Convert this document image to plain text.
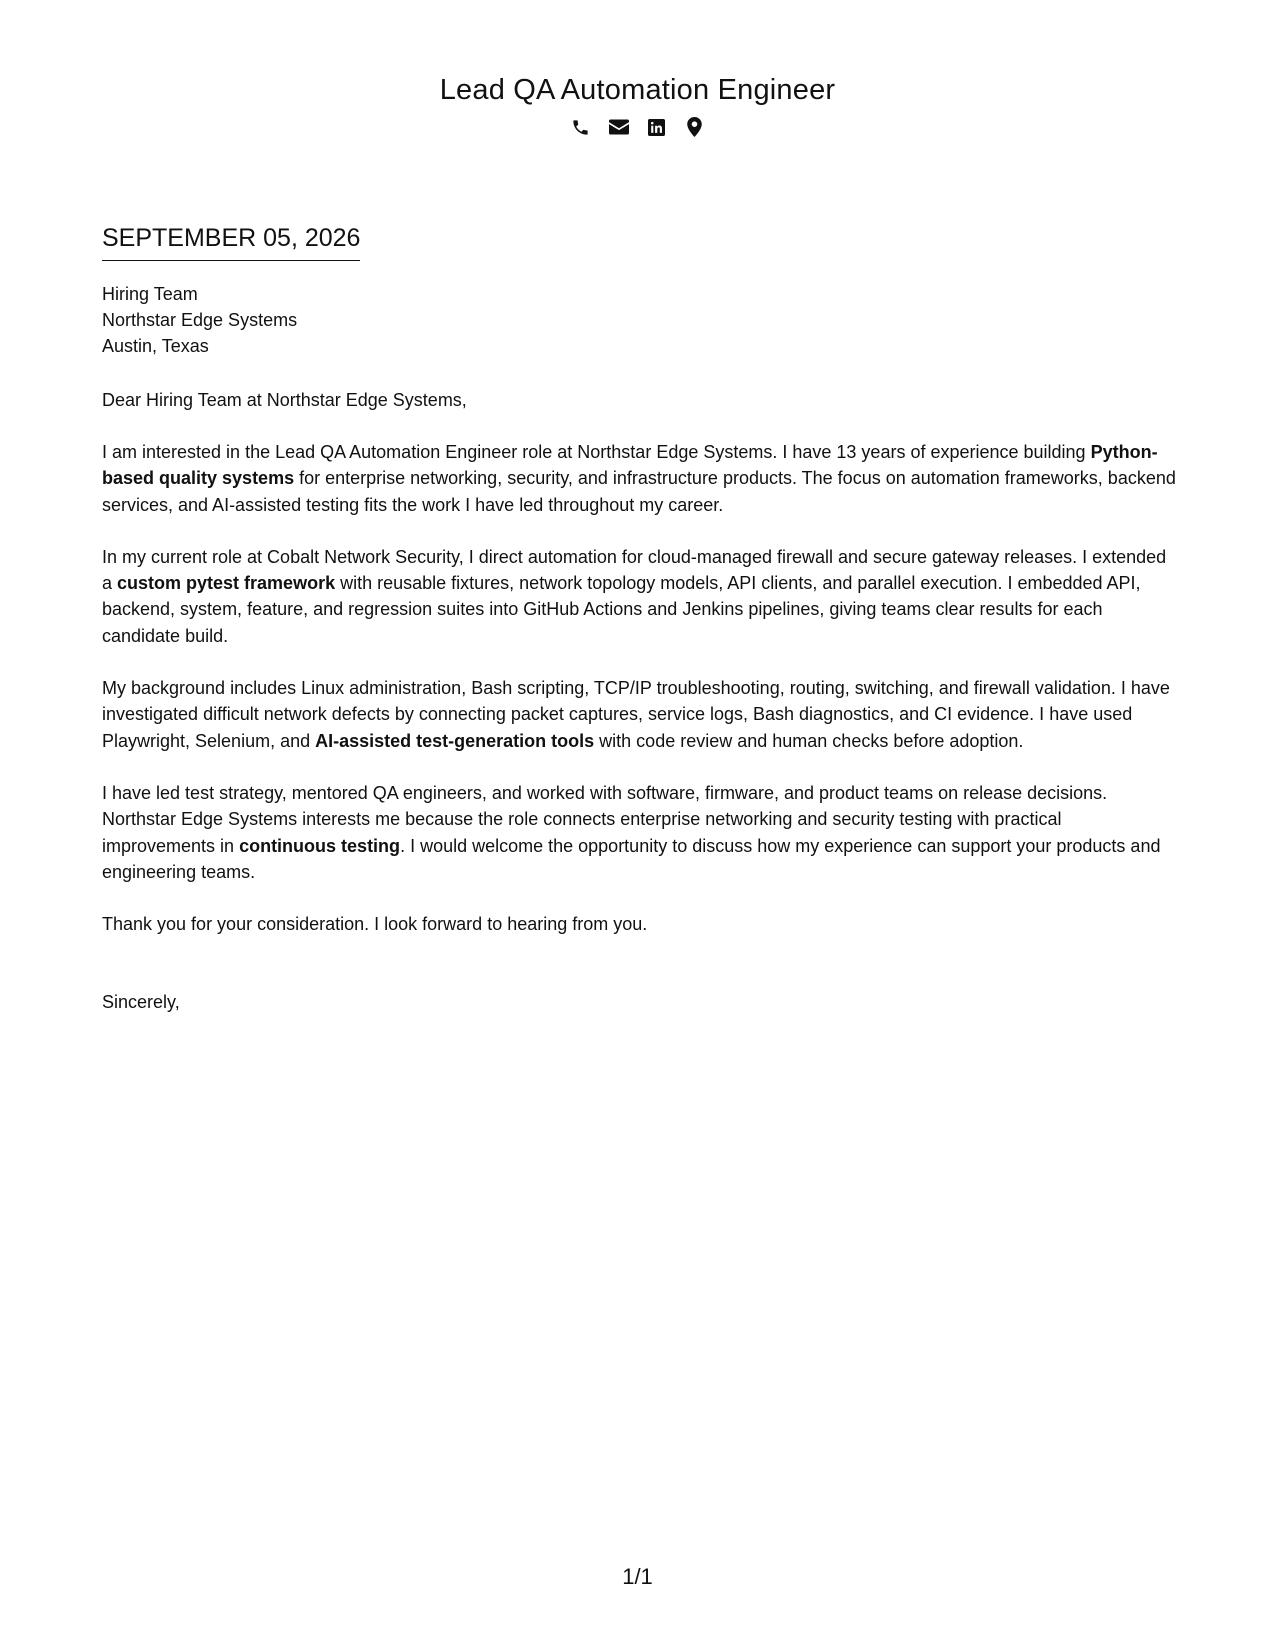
Lead QA Automation Engineer
SEPTEMBER 05, 2026
Hiring Team
Northstar Edge Systems
Austin, Texas
Dear Hiring Team at Northstar Edge Systems,

I am interested in the Lead QA Automation Engineer role at Northstar Edge Systems. I have 13 years of experience building Python-based quality systems for enterprise networking, security, and infrastructure products. The focus on automation frameworks, backend services, and AI-assisted testing fits the work I have led throughout my career.

In my current role at Cobalt Network Security, I direct automation for cloud-managed firewall and secure gateway releases. I extended a custom pytest framework with reusable fixtures, network topology models, API clients, and parallel execution. I embedded API, backend, system, feature, and regression suites into GitHub Actions and Jenkins pipelines, giving teams clear results for each candidate build.

My background includes Linux administration, Bash scripting, TCP/IP troubleshooting, routing, switching, and firewall validation. I have investigated difficult network defects by connecting packet captures, service logs, Bash diagnostics, and CI evidence. I have used Playwright, Selenium, and AI-assisted test-generation tools with code review and human checks before adoption.

I have led test strategy, mentored QA engineers, and worked with software, firmware, and product teams on release decisions. Northstar Edge Systems interests me because the role connects enterprise networking and security testing with practical improvements in continuous testing. I would welcome the opportunity to discuss how my experience can support your products and engineering teams.

Thank you for your consideration. I look forward to hearing from you.

Sincerely,
1/1
